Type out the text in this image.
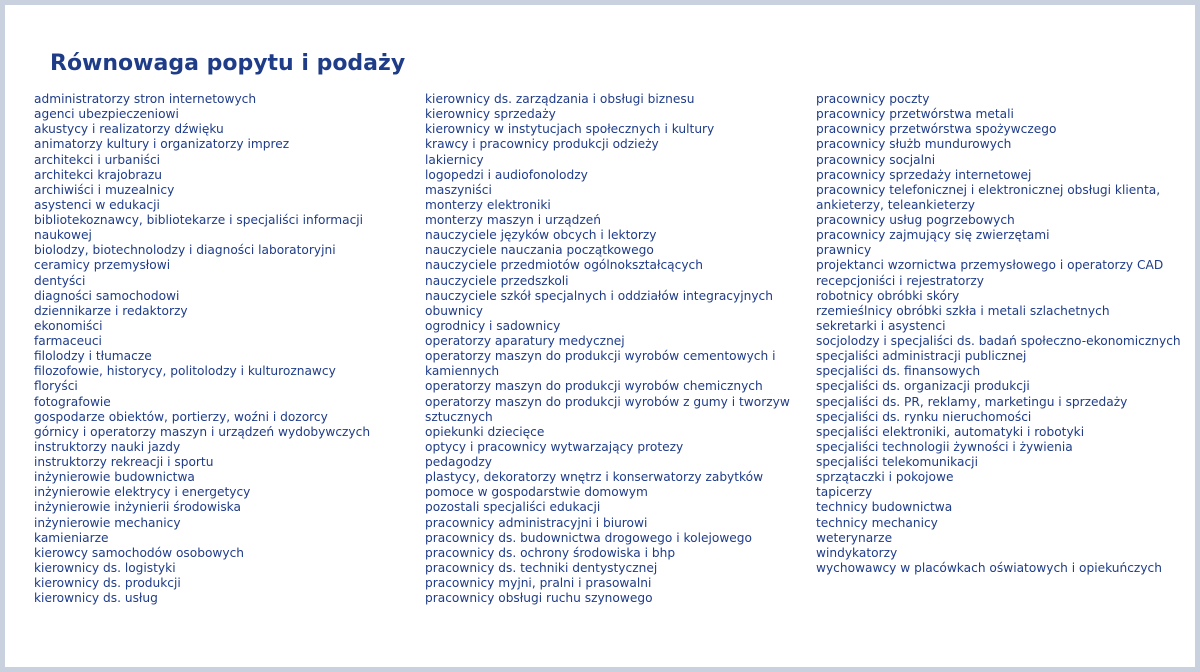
Równowaga popytu i podaży
administratorzy stron internetowych
agenci ubezpieczeniowi
akustycy i realizatorzy dźwięku
animatorzy kultury i organizatorzy imprez
architekci i urbaniści
architekci krajobrazu
archiwiści i muzealnicy
asystenci w edukacji
bibliotekoznawcy, bibliotekarze i specjaliści informacji
naukowej
biolodzy, biotechnolodzy i diagności laboratoryjni
ceramicy przemysłowi
dentyści
diagności samochodowi
dziennikarze i redaktorzy
ekonomiści
farmaceuci
filolodzy i tłumacze
filozofowie, historycy, politolodzy i kulturoznawcy
floryści
fotografowie
gospodarze obiektów, portierzy, woźni i dozorcy
górnicy i operatorzy maszyn i urządzeń wydobywczych
instruktorzy nauki jazdy
instruktorzy rekreacji i sportu
inżynierowie budownictwa
inżynierowie elektrycy i energetycy
inżynierowie inżynierii środowiska
inżynierowie mechanicy
kamieniarze
kierowcy samochodów osobowych
kierownicy ds. logistyki
kierownicy ds. produkcji
kierownicy ds. usług
kierownicy ds. zarządzania i obsługi biznesu
kierownicy sprzedaży
kierownicy w instytucjach społecznych i kultury
krawcy i pracownicy produkcji odzieży
lakiernicy
logopedzi i audiofonolodzy
maszyniści
monterzy elektroniki
monterzy maszyn i urządzeń
nauczyciele języków obcych i lektorzy
nauczyciele nauczania początkowego
nauczyciele przedmiotów ogólnokształcących
nauczyciele przedszkoli
nauczyciele szkół specjalnych i oddziałów integracyjnych
obuwnicy
ogrodnicy i sadownicy
operatorzy aparatury medycznej
operatorzy maszyn do produkcji wyrobów cementowych i
kamiennych
operatorzy maszyn do produkcji wyrobów chemicznych
operatorzy maszyn do produkcji wyrobów z gumy i tworzyw
sztucznych
opiekunki dziecięce
optycy i pracownicy wytwarzający protezy
pedagodzy
plastycy, dekoratorzy wnętrz i konserwatorzy zabytków
pomoce w gospodarstwie domowym
pozostali specjaliści edukacji
pracownicy administracyjni i biurowi
pracownicy ds. budownictwa drogowego i kolejowego
pracownicy ds. ochrony środowiska i bhp
pracownicy ds. techniki dentystycznej
pracownicy myjni, pralni i prasowalni
pracownicy obsługi ruchu szynowego
pracownicy poczty
pracownicy przetwórstwa metali
pracownicy przetwórstwa spożywczego
pracownicy służb mundurowych
pracownicy socjalni
pracownicy sprzedaży internetowej
pracownicy telefonicznej i elektronicznej obsługi klienta,
ankieterzy, teleankieterzy
pracownicy usług pogrzebowych
pracownicy zajmujący się zwierzętami
prawnicy
projektanci wzornictwa przemysłowego i operatorzy CAD
recepcjoniści i rejestratorzy
robotnicy obróbki skóry
rzemieślnicy obróbki szkła i metali szlachetnych
sekretarki i asystenci
socjolodzy i specjaliści ds. badań społeczno-ekonomicznych
specjaliści administracji publicznej
specjaliści ds. finansowych
specjaliści ds. organizacji produkcji
specjaliści ds. PR, reklamy, marketingu i sprzedaży
specjaliści ds. rynku nieruchomości
specjaliści elektroniki, automatyki i robotyki
specjaliści technologii żywności i żywienia
specjaliści telekomunikacji
sprzątaczki i pokojowe
tapicerzy
technicy budownictwa
technicy mechanicy
weterynarze
windykatorzy
wychowawcy w placówkach oświatowych i opiekuńczych
